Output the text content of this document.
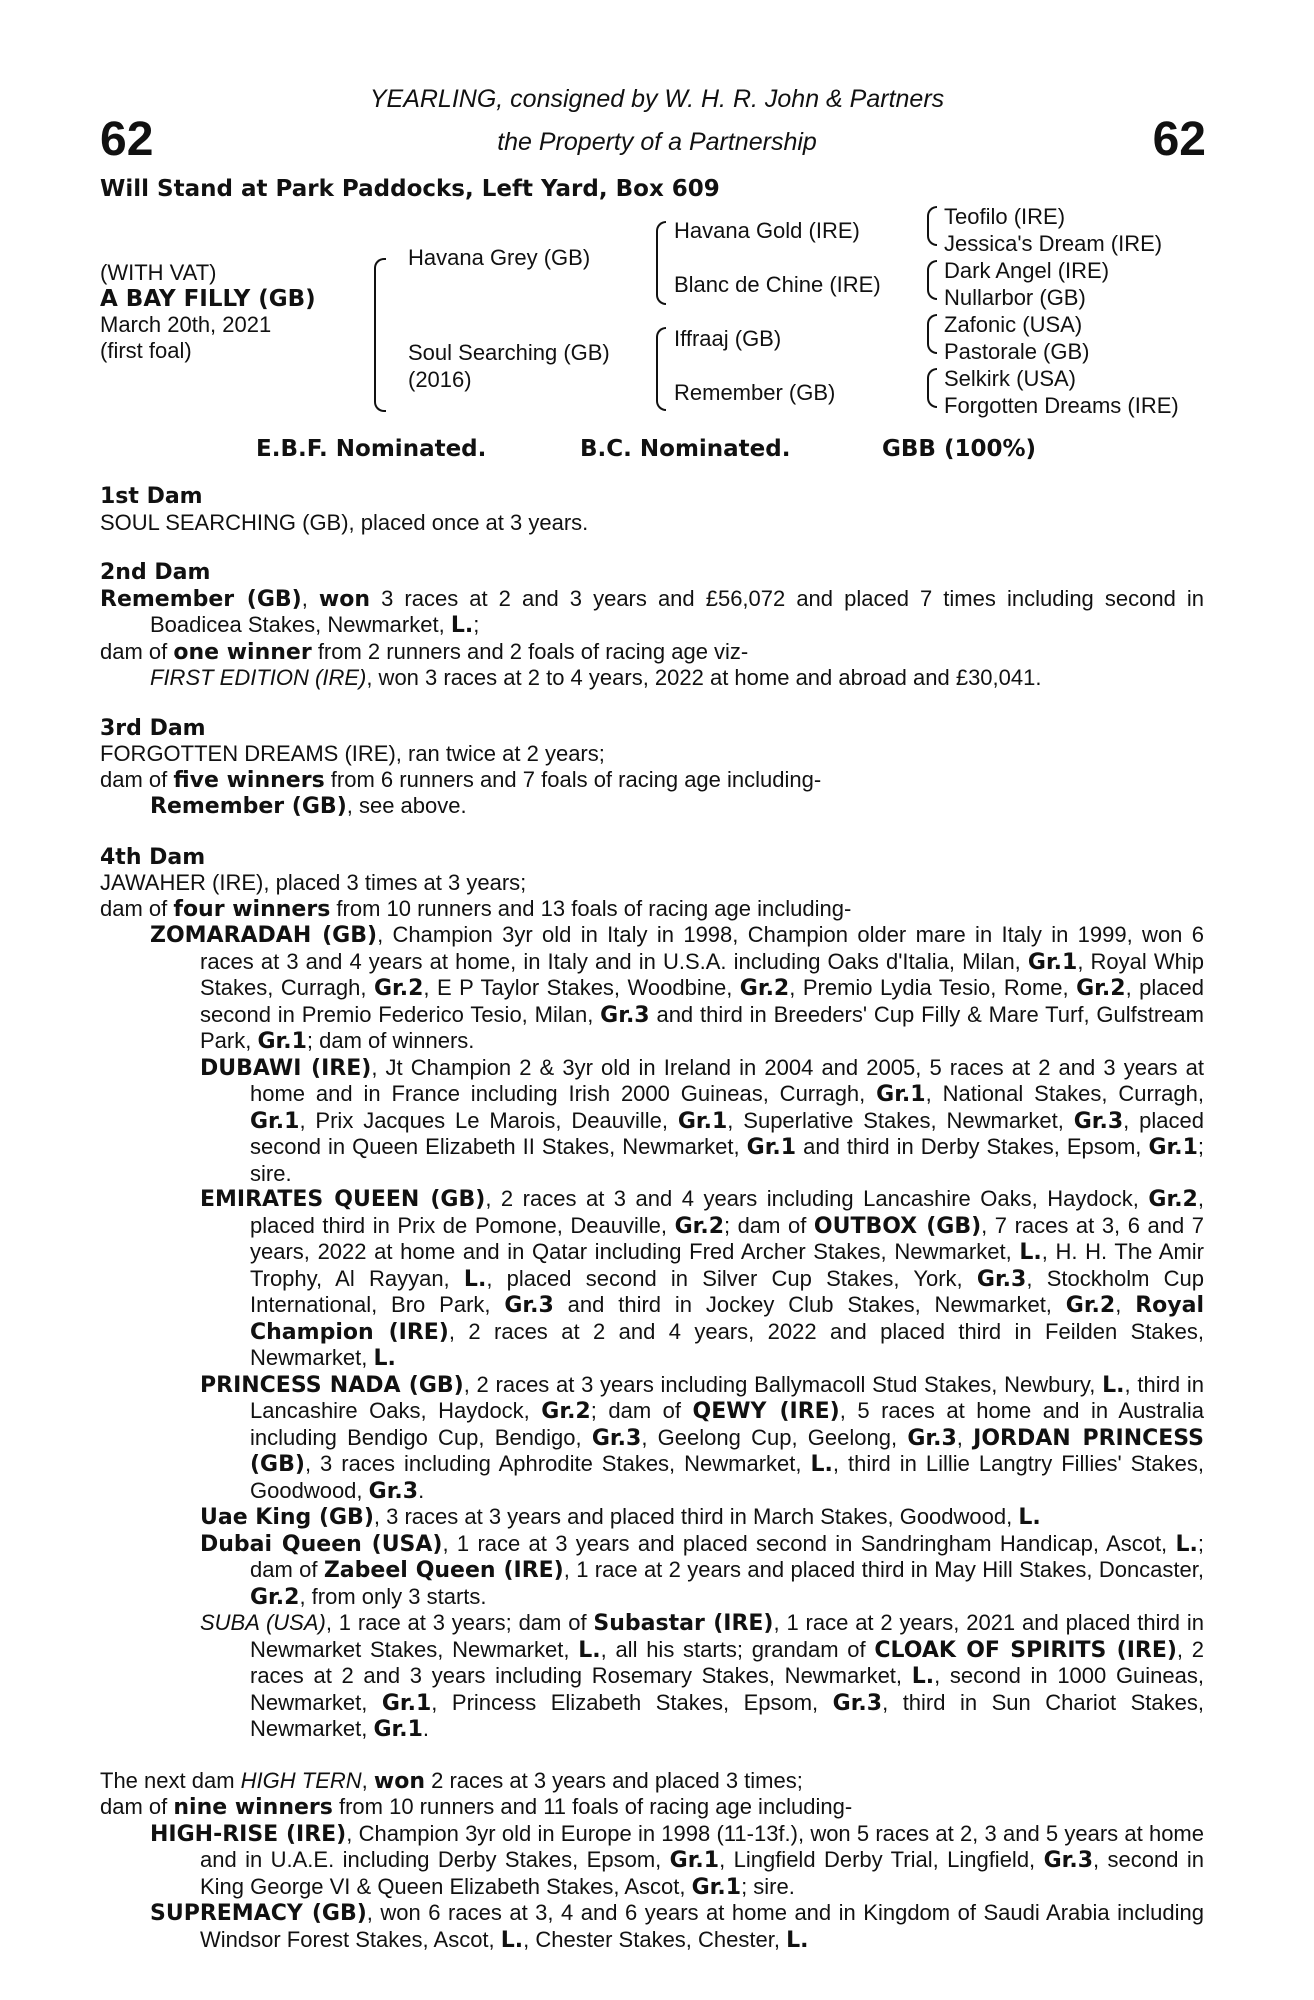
62	62
YEARLING, consigned by W. H. R. John & Partners
the Property of a Partnership
Will Stand at Park Paddocks, Left Yard, Box 609
(WITH VAT)
A BAY FILLY (GB)
March 20th, 2021
(first foal)
Havana Grey (GB)
Soul Searching (GB)
(2016)
Havana Gold (IRE)
Blanc de Chine (IRE)
Iffraaj (GB)
Remember (GB)
Teofilo (IRE)
Jessica's Dream (IRE)
Dark Angel (IRE)
Nullarbor (GB)
Zafonic (USA)
Pastorale (GB)
Selkirk (USA)
Forgotten Dreams (IRE)
E.B.F. Nominated.	B.C. Nominated.	GBB (100%)

1st Dam

SOUL SEARCHING (GB), placed once at 3 years.

2nd Dam

Remember (GB), won 3 races at 2 and 3 years and £56,072 and placed 7 times including second in Boadicea Stakes, Newmarket, L.;

dam of one winner from 2 runners and 2 foals of racing age viz-

FIRST EDITION (IRE), won 3 races at 2 to 4 years, 2022 at home and abroad and £30,041.

3rd Dam

FORGOTTEN DREAMS (IRE), ran twice at 2 years;

dam of five winners from 6 runners and 7 foals of racing age including-

Remember (GB), see above.

4th Dam

JAWAHER (IRE), placed 3 times at 3 years;

dam of four winners from 10 runners and 13 foals of racing age including-

ZOMARADAH (GB), Champion 3yr old in Italy in 1998, Champion older mare in Italy in 1999, won 6 races at 3 and 4 years at home, in Italy and in U.S.A. including Oaks d'Italia, Milan, Gr.1, Royal Whip Stakes, Curragh, Gr.2, E P Taylor Stakes, Woodbine, Gr.2, Premio Lydia Tesio, Rome, Gr.2, placed second in Premio Federico Tesio, Milan, Gr.3 and third in Breeders' Cup Filly & Mare Turf, Gulfstream Park, Gr.1; dam of winners.

DUBAWI (IRE), Jt Champion 2 & 3yr old in Ireland in 2004 and 2005, 5 races at 2 and 3 years at home and in France including Irish 2000 Guineas, Curragh, Gr.1, National Stakes, Curragh, Gr.1, Prix Jacques Le Marois, Deauville, Gr.1, Superlative Stakes, Newmarket, Gr.3, placed second in Queen Elizabeth II Stakes, Newmarket, Gr.1 and third in Derby Stakes, Epsom, Gr.1; sire.

EMIRATES QUEEN (GB), 2 races at 3 and 4 years including Lancashire Oaks, Haydock, Gr.2, placed third in Prix de Pomone, Deauville, Gr.2; dam of OUTBOX (GB), 7 races at 3, 6 and 7 years, 2022 at home and in Qatar including Fred Archer Stakes, Newmarket, L., H. H. The Amir Trophy, Al Rayyan, L., placed second in Silver Cup Stakes, York, Gr.3, Stockholm Cup International, Bro Park, Gr.3 and third in Jockey Club Stakes, Newmarket, Gr.2, Royal Champion (IRE), 2 races at 2 and 4 years, 2022 and placed third in Feilden Stakes, Newmarket, L.

PRINCESS NADA (GB), 2 races at 3 years including Ballymacoll Stud Stakes, Newbury, L., third in Lancashire Oaks, Haydock, Gr.2; dam of QEWY (IRE), 5 races at home and in Australia including Bendigo Cup, Bendigo, Gr.3, Geelong Cup, Geelong, Gr.3, JORDAN PRINCESS (GB), 3 races including Aphrodite Stakes, Newmarket, L., third in Lillie Langtry Fillies' Stakes, Goodwood, Gr.3.

Uae King (GB), 3 races at 3 years and placed third in March Stakes, Goodwood, L.

Dubai Queen (USA), 1 race at 3 years and placed second in Sandringham Handicap, Ascot, L.; dam of Zabeel Queen (IRE), 1 race at 2 years and placed third in May Hill Stakes, Doncaster, Gr.2, from only 3 starts.

SUBA (USA), 1 race at 3 years; dam of Subastar (IRE), 1 race at 2 years, 2021 and placed third in Newmarket Stakes, Newmarket, L., all his starts; grandam of CLOAK OF SPIRITS (IRE), 2 races at 2 and 3 years including Rosemary Stakes, Newmarket, L., second in 1000 Guineas, Newmarket, Gr.1, Princess Elizabeth Stakes, Epsom, Gr.3, third in Sun Chariot Stakes, Newmarket, Gr.1.

The next dam HIGH TERN, won 2 races at 3 years and placed 3 times;

dam of nine winners from 10 runners and 11 foals of racing age including-

HIGH-RISE (IRE), Champion 3yr old in Europe in 1998 (11-13f.), won 5 races at 2, 3 and 5 years at home and in U.A.E. including Derby Stakes, Epsom, Gr.1, Lingfield Derby Trial, Lingfield, Gr.3, second in King George VI & Queen Elizabeth Stakes, Ascot, Gr.1; sire.

SUPREMACY (GB), won 6 races at 3, 4 and 6 years at home and in Kingdom of Saudi Arabia including Windsor Forest Stakes, Ascot, L., Chester Stakes, Chester, L.
